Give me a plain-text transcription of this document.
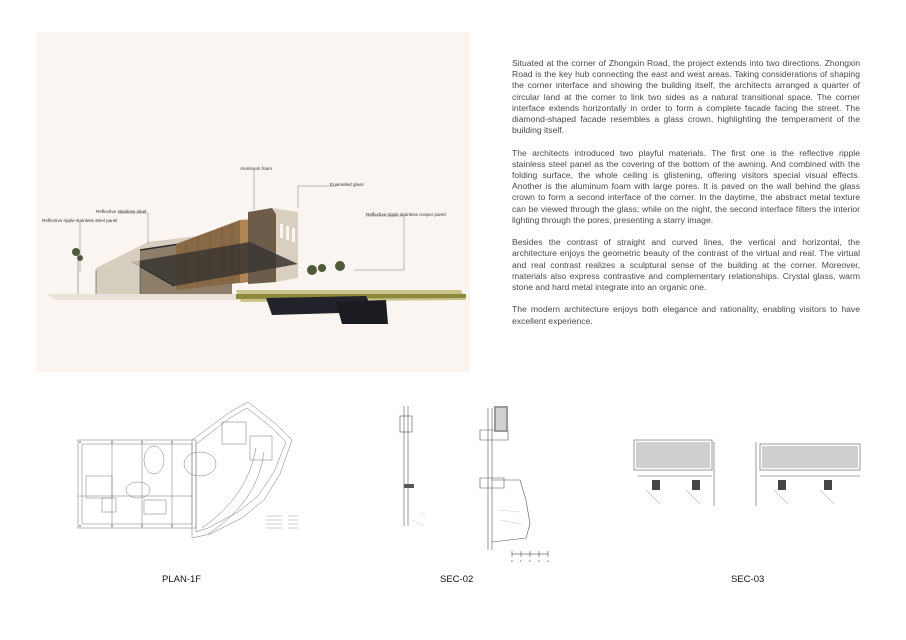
Aluminum foam
Enamelled glass
Reflective stainless steel
Reflective ripple stainless steel panel
Reflective ripple stainless cooper panel

Situated at the corner of Zhongxin Road, the project extends into two directions. Zhongxin Road is the key hub connecting the east and west areas. Taking considerations of shaping the corner interface and showing the building itself, the architects arranged a quarter of circular land at the corner to link two sides as a natural transitional space. The corner interface extends horizontally in order to form a complete facade facing the street. The diamond-shaped facade resembles a glass crown, highlighting the temperament of the building itself.

The architects introduced two playful materials. The first one is the reflective ripple stainless steel panel as the covering of the bottom of the awning. And combined with the folding surface, the whole ceiling is glistening, offering visitors special visual effects. Another is the aluminum foam with large pores. It is paved on the wall behind the glass crown to form a second interface of the corner. In the daytime, the abstract metal texture can be viewed through the glass; while on the night, the second interface filters the interior lighting through the pores, presenting a starry image.

Besides the contrast of straight and curved lines, the vertical and horizontal, the architecture enjoys the geometric beauty of the contrast of the virtual and real. The virtual and real contrast realizes a sculptural sense of the building at the corner. Moreover, materials also express contrastive and complementary relationships. Crystal glass, warm stone and hard metal integrate into an organic one.

The modern architecture enjoys both elegance and rationality, enabling visitors to have excellent experience.

PLAN-1F
0 1 2 3 4
SEC-02	SEC-03
